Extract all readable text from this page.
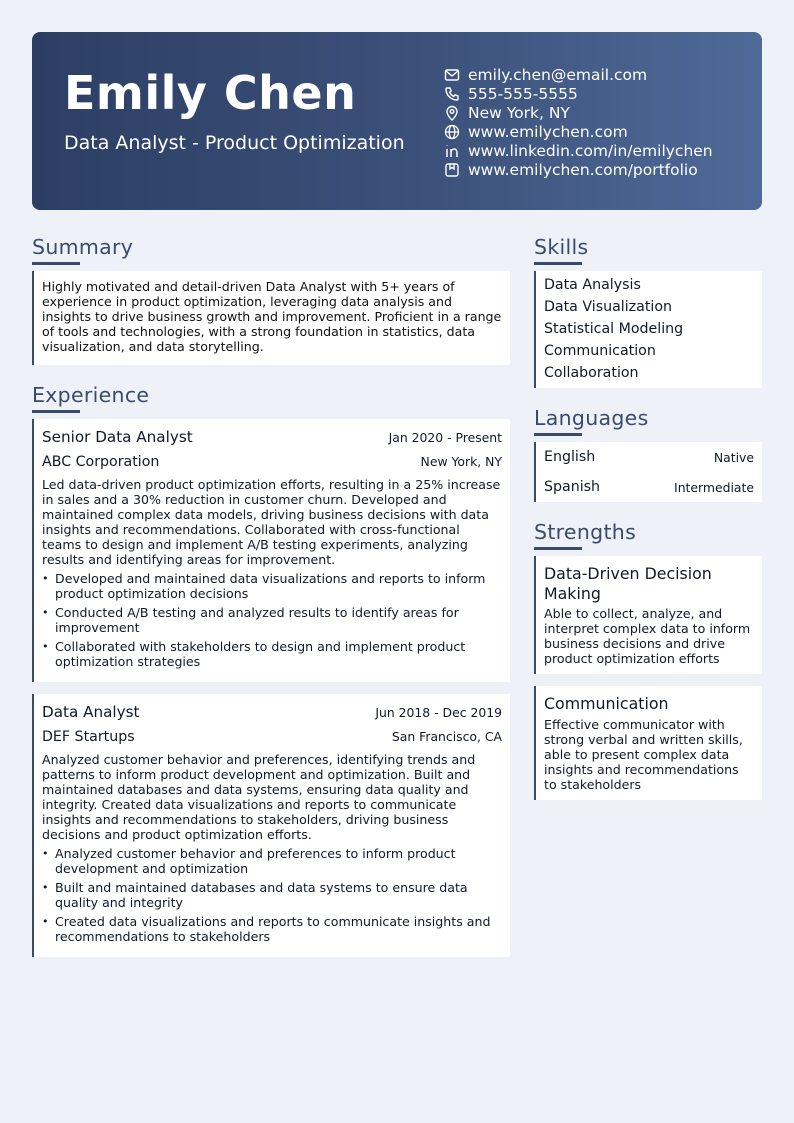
Emily Chen
Data Analyst - Product Optimization
emily.chen@email.com
555-555-5555
New York, NY
www.emilychen.com
www.linkedin.com/in/emilychen
www.emilychen.com/portfolio
Summary
Highly motivated and detail-driven Data Analyst with 5+ years of experience in product optimization, leveraging data analysis and insights to drive business growth and improvement. Proficient in a range of tools and technologies, with a strong foundation in statistics, data visualization, and data storytelling.
Experience
Senior Data Analyst	Jan 2020 - Present
ABC Corporation	New York, NY
Led data-driven product optimization efforts, resulting in a 25% increase in sales and a 30% reduction in customer churn. Developed and maintained complex data models, driving business decisions with data insights and recommendations. Collaborated with cross-functional teams to design and implement A/B testing experiments, analyzing results and identifying areas for improvement.
• Developed and maintained data visualizations and reports to inform product optimization decisions
• Conducted A/B testing and analyzed results to identify areas for improvement
• Collaborated with stakeholders to design and implement product optimization strategies
Data Analyst	Jun 2018 - Dec 2019
DEF Startups	San Francisco, CA
Analyzed customer behavior and preferences, identifying trends and patterns to inform product development and optimization. Built and maintained databases and data systems, ensuring data quality and integrity. Created data visualizations and reports to communicate insights and recommendations to stakeholders, driving business decisions and product optimization efforts.
• Analyzed customer behavior and preferences to inform product development and optimization
• Built and maintained databases and data systems to ensure data quality and integrity
• Created data visualizations and reports to communicate insights and recommendations to stakeholders
Skills
Data Analysis
Data Visualization
Statistical Modeling
Communication
Collaboration
Languages
English	Native
Spanish	Intermediate
Strengths
Data-Driven Decision Making
Able to collect, analyze, and interpret complex data to inform business decisions and drive product optimization efforts
Communication
Effective communicator with strong verbal and written skills, able to present complex data insights and recommendations to stakeholders
